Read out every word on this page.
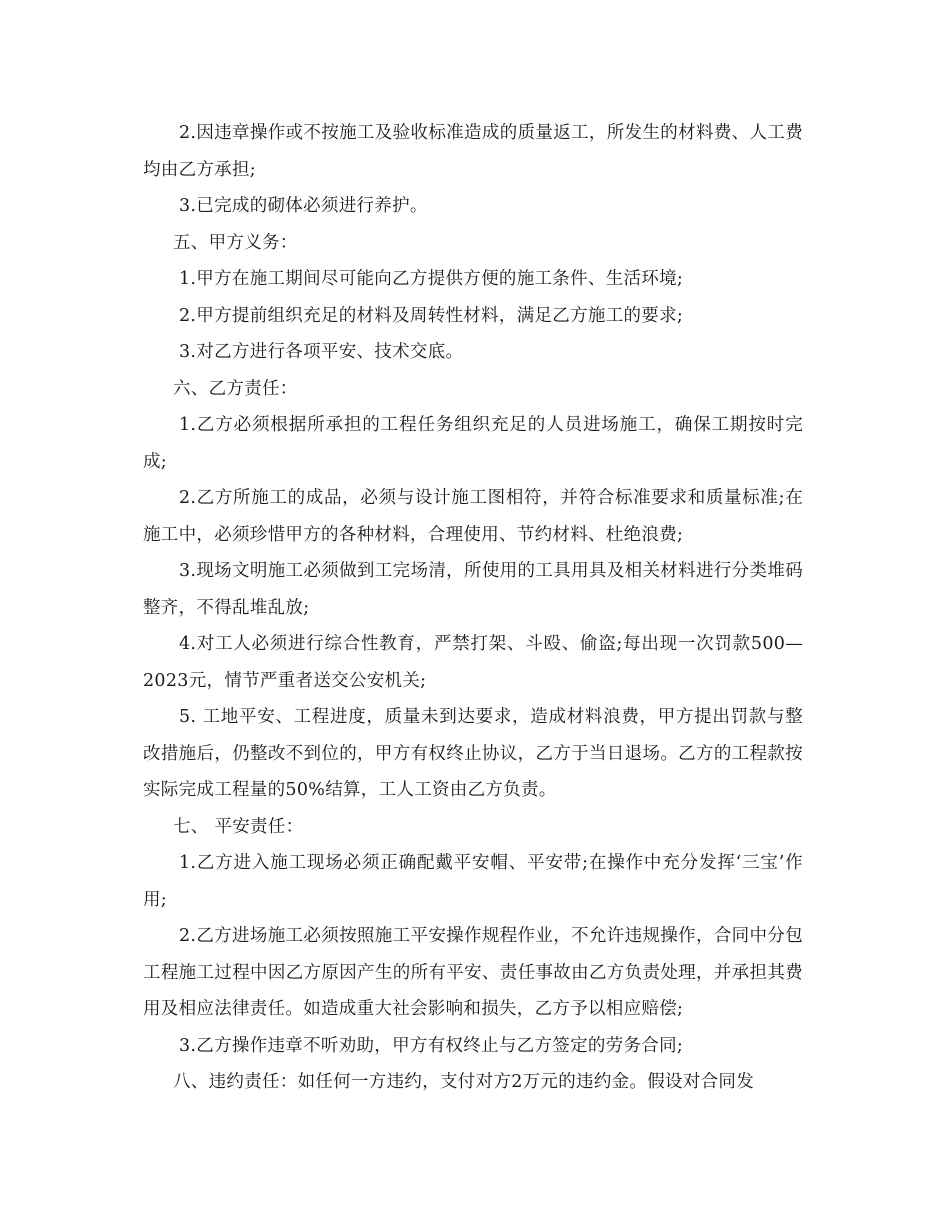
2.因违章操作或不按施工及验收标准造成的质量返工，所发生的材料费、人工费均由乙方承担;

3.已完成的砌体必须进行养护。

五、甲方义务：

1.甲方在施工期间尽可能向乙方提供方便的施工条件、生活环境;

2.甲方提前组织充足的材料及周转性材料，满足乙方施工的要求;

3.对乙方进行各项平安、技术交底。

六、乙方责任：

1.乙方必须根据所承担的工程任务组织充足的人员进场施工，确保工期按时完成;

2.乙方所施工的成品，必须与设计施工图相符，并符合标准要求和质量标准;在施工中，必须珍惜甲方的各种材料，合理使用、节约材料、杜绝浪费;

3.现场文明施工必须做到工完场清，所使用的工具用具及相关材料进行分类堆码整齐，不得乱堆乱放;

4.对工人必须进行综合性教育，严禁打架、斗殴、偷盗;每出现一次罚款500—2023元，情节严重者送交公安机关;

5. 工地平安、工程进度，质量未到达要求，造成材料浪费，甲方提出罚款与整改措施后，仍整改不到位的，甲方有权终止协议，乙方于当日退场。乙方的工程款按实际完成工程量的50%结算，工人工资由乙方负责。

七、 平安责任：

1.乙方进入施工现场必须正确配戴平安帽、平安带;在操作中充分发挥‘三宝’作用;

2.乙方进场施工必须按照施工平安操作规程作业，不允许违规操作，合同中分包工程施工过程中因乙方原因产生的所有平安、责任事故由乙方负责处理，并承担其费用及相应法律责任。如造成重大社会影响和损失，乙方予以相应赔偿;

3.乙方操作违章不听劝助，甲方有权终止与乙方签定的劳务合同;

八、违约责任：如任何一方违约，支付对方2万元的违约金。假设对合同发
